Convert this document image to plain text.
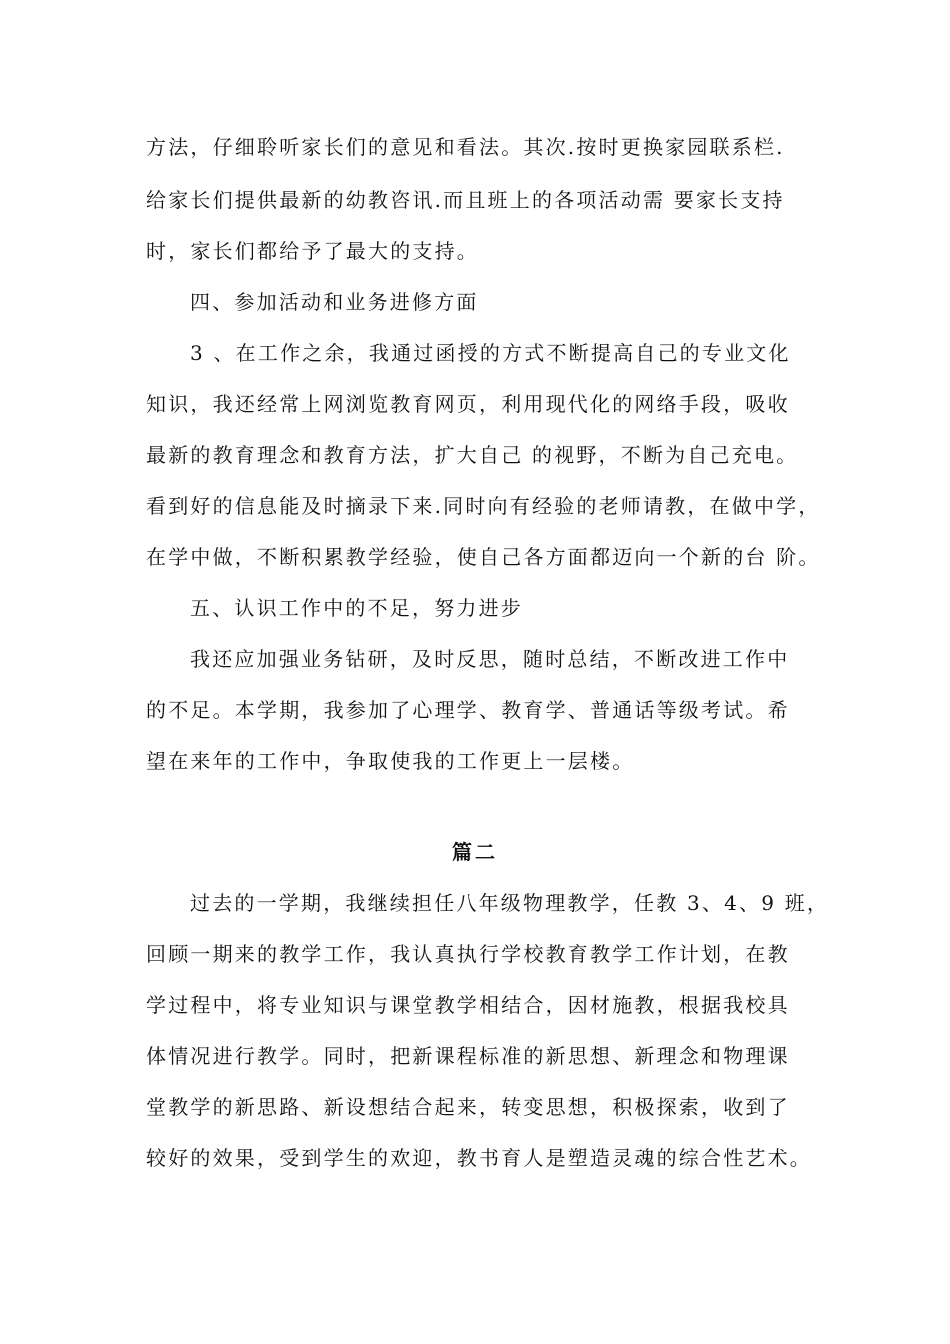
方法，仔细聆听家长们的意见和看法。其次.按时更换家园联系栏.
给家长们提供最新的幼教咨讯.而且班上的各项活动需 要家长支持
时，家长们都给予了最大的支持。
四、参加活动和业务进修方面
3 、在工作之余，我通过函授的方式不断提高自己的专业文化
知识，我还经常上网浏览教育网页，利用现代化的网络手段，吸收
最新的教育理念和教育方法，扩大自己 的视野，不断为自己充电。
看到好的信息能及时摘录下来.同时向有经验的老师请教，在做中学，
在学中做，不断积累教学经验，使自己各方面都迈向一个新的台 阶。
五、认识工作中的不足，努力进步
我还应加强业务钻研，及时反思，随时总结，不断改进工作中
的不足。本学期，我参加了心理学、教育学、普通话等级考试。希
望在来年的工作中，争取使我的工作更上一层楼。
篇二
过去的一学期，我继续担任八年级物理教学，任教 3、4、9 班，
回顾一期来的教学工作，我认真执行学校教育教学工作计划，在教
学过程中，将专业知识与课堂教学相结合，因材施教，根据我校具
体情况进行教学。同时，把新课程标准的新思想、新理念和物理课
堂教学的新思路、新设想结合起来，转变思想，积极探索，收到了
较好的效果，受到学生的欢迎，教书育人是塑造灵魂的综合性艺术。
